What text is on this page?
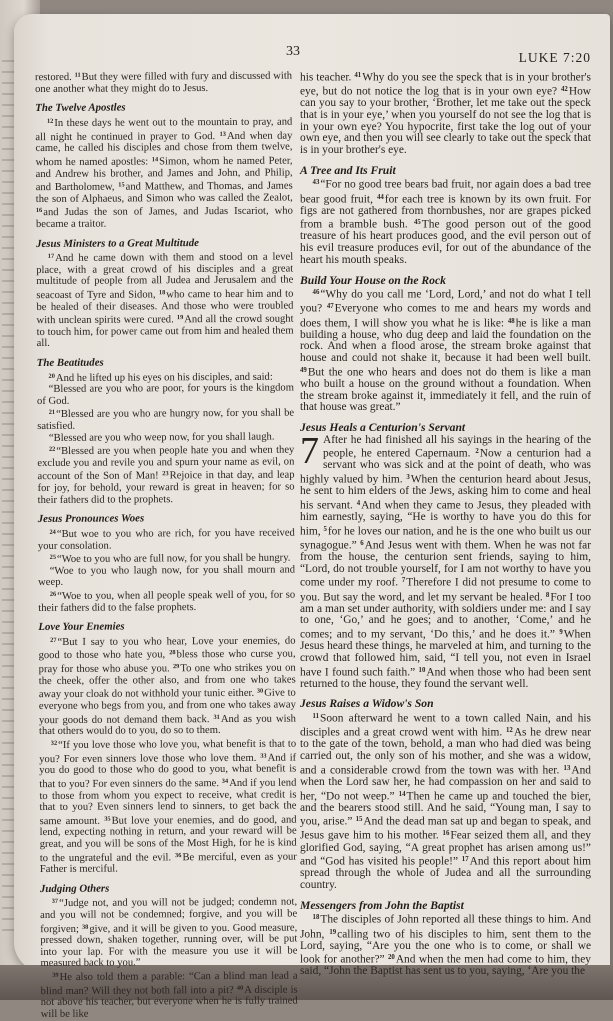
33	LUKE 7:20

restored. $^{11}$But they were filled with fury and discussed with one another what they might do to Jesus.

The Twelve Apostles

$^{12}$In these days he went out to the mountain to pray, and all night he continued in prayer to God. $^{13}$And when day came, he called his disciples and chose from them twelve, whom he named apostles: $^{14}$Simon, whom he named Peter, and Andrew his brother, and James and John, and Philip, and Bartholomew, $^{15}$and Matthew, and Thomas, and James the son of Alphaeus, and Simon who was called the Zealot, $^{16}$and Judas the son of James, and Judas Iscariot, who became a traitor.

Jesus Ministers to a Great Multitude

$^{17}$And he came down with them and stood on a level place, with a great crowd of his disciples and a great multitude of people from all Judea and Jerusalem and the seacoast of Tyre and Sidon, $^{18}$who came to hear him and to be healed of their diseases. And those who were troubled with unclean spirits were cured. $^{19}$And all the crowd sought to touch him, for power came out from him and healed them all.

The Beatitudes

$^{20}$And he lifted up his eyes on his disciples, and said:

“Blessed are you who are poor, for yours is the kingdom of God.

$^{21}$“Blessed are you who are hungry now, for you shall be satisfied.

“Blessed are you who weep now, for you shall laugh.

$^{22}$“Blessed are you when people hate you and when they exclude you and revile you and spurn your name as evil, on account of the Son of Man! $^{23}$Rejoice in that day, and leap for joy, for behold, your reward is great in heaven; for so their fathers did to the prophets.

Jesus Pronounces Woes

$^{24}$“But woe to you who are rich, for you have received your consolation.

$^{25}$“Woe to you who are full now, for you shall be hungry.

“Woe to you who laugh now, for you shall mourn and weep.

$^{26}$“Woe to you, when all people speak well of you, for so their fathers did to the false prophets.

Love Your Enemies

$^{27}$“But I say to you who hear, Love your enemies, do good to those who hate you, $^{28}$bless those who curse you, pray for those who abuse you. $^{29}$To one who strikes you on the cheek, offer the other also, and from one who takes away your cloak do not withhold your tunic either. $^{30}$Give to everyone who begs from you, and from one who takes away your goods do not demand them back. $^{31}$And as you wish that others would do to you, do so to them.

$^{32}$“If you love those who love you, what benefit is that to you? For even sinners love those who love them. $^{33}$And if you do good to those who do good to you, what benefit is that to you? For even sinners do the same. $^{34}$And if you lend to those from whom you expect to receive, what credit is that to you? Even sinners lend to sinners, to get back the same amount. $^{35}$But love your enemies, and do good, and lend, expecting nothing in return, and your reward will be great, and you will be sons of the Most High, for he is kind to the ungrateful and the evil. $^{36}$Be merciful, even as your Father is merciful.

Judging Others

$^{37}$“Judge not, and you will not be judged; condemn not, and you will not be condemned; forgive, and you will be forgiven; $^{38}$give, and it will be given to you. Good measure, pressed down, shaken together, running over, will be put into your lap. For with the measure you use it will be measured back to you.”

$^{39}$He also told them a parable: “Can a blind man lead a blind man? Will they not both fall into a pit? $^{40}$A disciple is not above his teacher, but everyone when he is fully trained will be like

his teacher. $^{41}$Why do you see the speck that is in your brother's eye, but do not notice the log that is in your own eye? $^{42}$How can you say to your brother, ‘Brother, let me take out the speck that is in your eye,’ when you yourself do not see the log that is in your own eye? You hypocrite, first take the log out of your own eye, and then you will see clearly to take out the speck that is in your brother's eye.

A Tree and Its Fruit

$^{43}$“For no good tree bears bad fruit, nor again does a bad tree bear good fruit, $^{44}$for each tree is known by its own fruit. For figs are not gathered from thornbushes, nor are grapes picked from a bramble bush. $^{45}$The good person out of the good treasure of his heart produces good, and the evil person out of his evil treasure produces evil, for out of the abundance of the heart his mouth speaks.

Build Your House on the Rock

$^{46}$“Why do you call me ‘Lord, Lord,’ and not do what I tell you? $^{47}$Everyone who comes to me and hears my words and does them, I will show you what he is like: $^{48}$he is like a man building a house, who dug deep and laid the foundation on the rock. And when a flood arose, the stream broke against that house and could not shake it, because it had been well built. $^{49}$But the one who hears and does not do them is like a man who built a house on the ground without a foundation. When the stream broke against it, immediately it fell, and the ruin of that house was great.”

Jesus Heals a Centurion's Servant

7 After he had finished all his sayings in the hearing of the people, he entered Capernaum. $^2$Now a centurion had a servant who was sick and at the point of death, who was highly valued by him. $^3$When the centurion heard about Jesus, he sent to him elders of the Jews, asking him to come and heal his servant. $^4$And when they came to Jesus, they pleaded with him earnestly, saying, “He is worthy to have you do this for him, $^5$for he loves our nation, and he is the one who built us our synagogue.” $^6$And Jesus went with them. When he was not far from the house, the centurion sent friends, saying to him, “Lord, do not trouble yourself, for I am not worthy to have you come under my roof. $^7$Therefore I did not presume to come to you. But say the word, and let my servant be healed. $^8$For I too am a man set under authority, with soldiers under me: and I say to one, ‘Go,’ and he goes; and to another, ‘Come,’ and he comes; and to my servant, ‘Do this,’ and he does it.” $^9$When Jesus heard these things, he marveled at him, and turning to the crowd that followed him, said, “I tell you, not even in Israel have I found such faith.” $^{10}$And when those who had been sent returned to the house, they found the servant well.

Jesus Raises a Widow's Son

$^{11}$Soon afterward he went to a town called Nain, and his disciples and a great crowd went with him. $^{12}$As he drew near to the gate of the town, behold, a man who had died was being carried out, the only son of his mother, and she was a widow, and a considerable crowd from the town was with her. $^{13}$And when the Lord saw her, he had compassion on her and said to her, “Do not weep.” $^{14}$Then he came up and touched the bier, and the bearers stood still. And he said, “Young man, I say to you, arise.” $^{15}$And the dead man sat up and began to speak, and Jesus gave him to his mother. $^{16}$Fear seized them all, and they glorified God, saying, “A great prophet has arisen among us!” and “God has visited his people!” $^{17}$And this report about him spread through the whole of Judea and all the surrounding country.

Messengers from John the Baptist

$^{18}$The disciples of John reported all these things to him. And John, $^{19}$calling two of his disciples to him, sent them to the Lord, saying, “Are you the one who is to come, or shall we look for another?” $^{20}$And when the men had come to him, they said, “John the Baptist has sent us to you, saying, ‘Are you the
